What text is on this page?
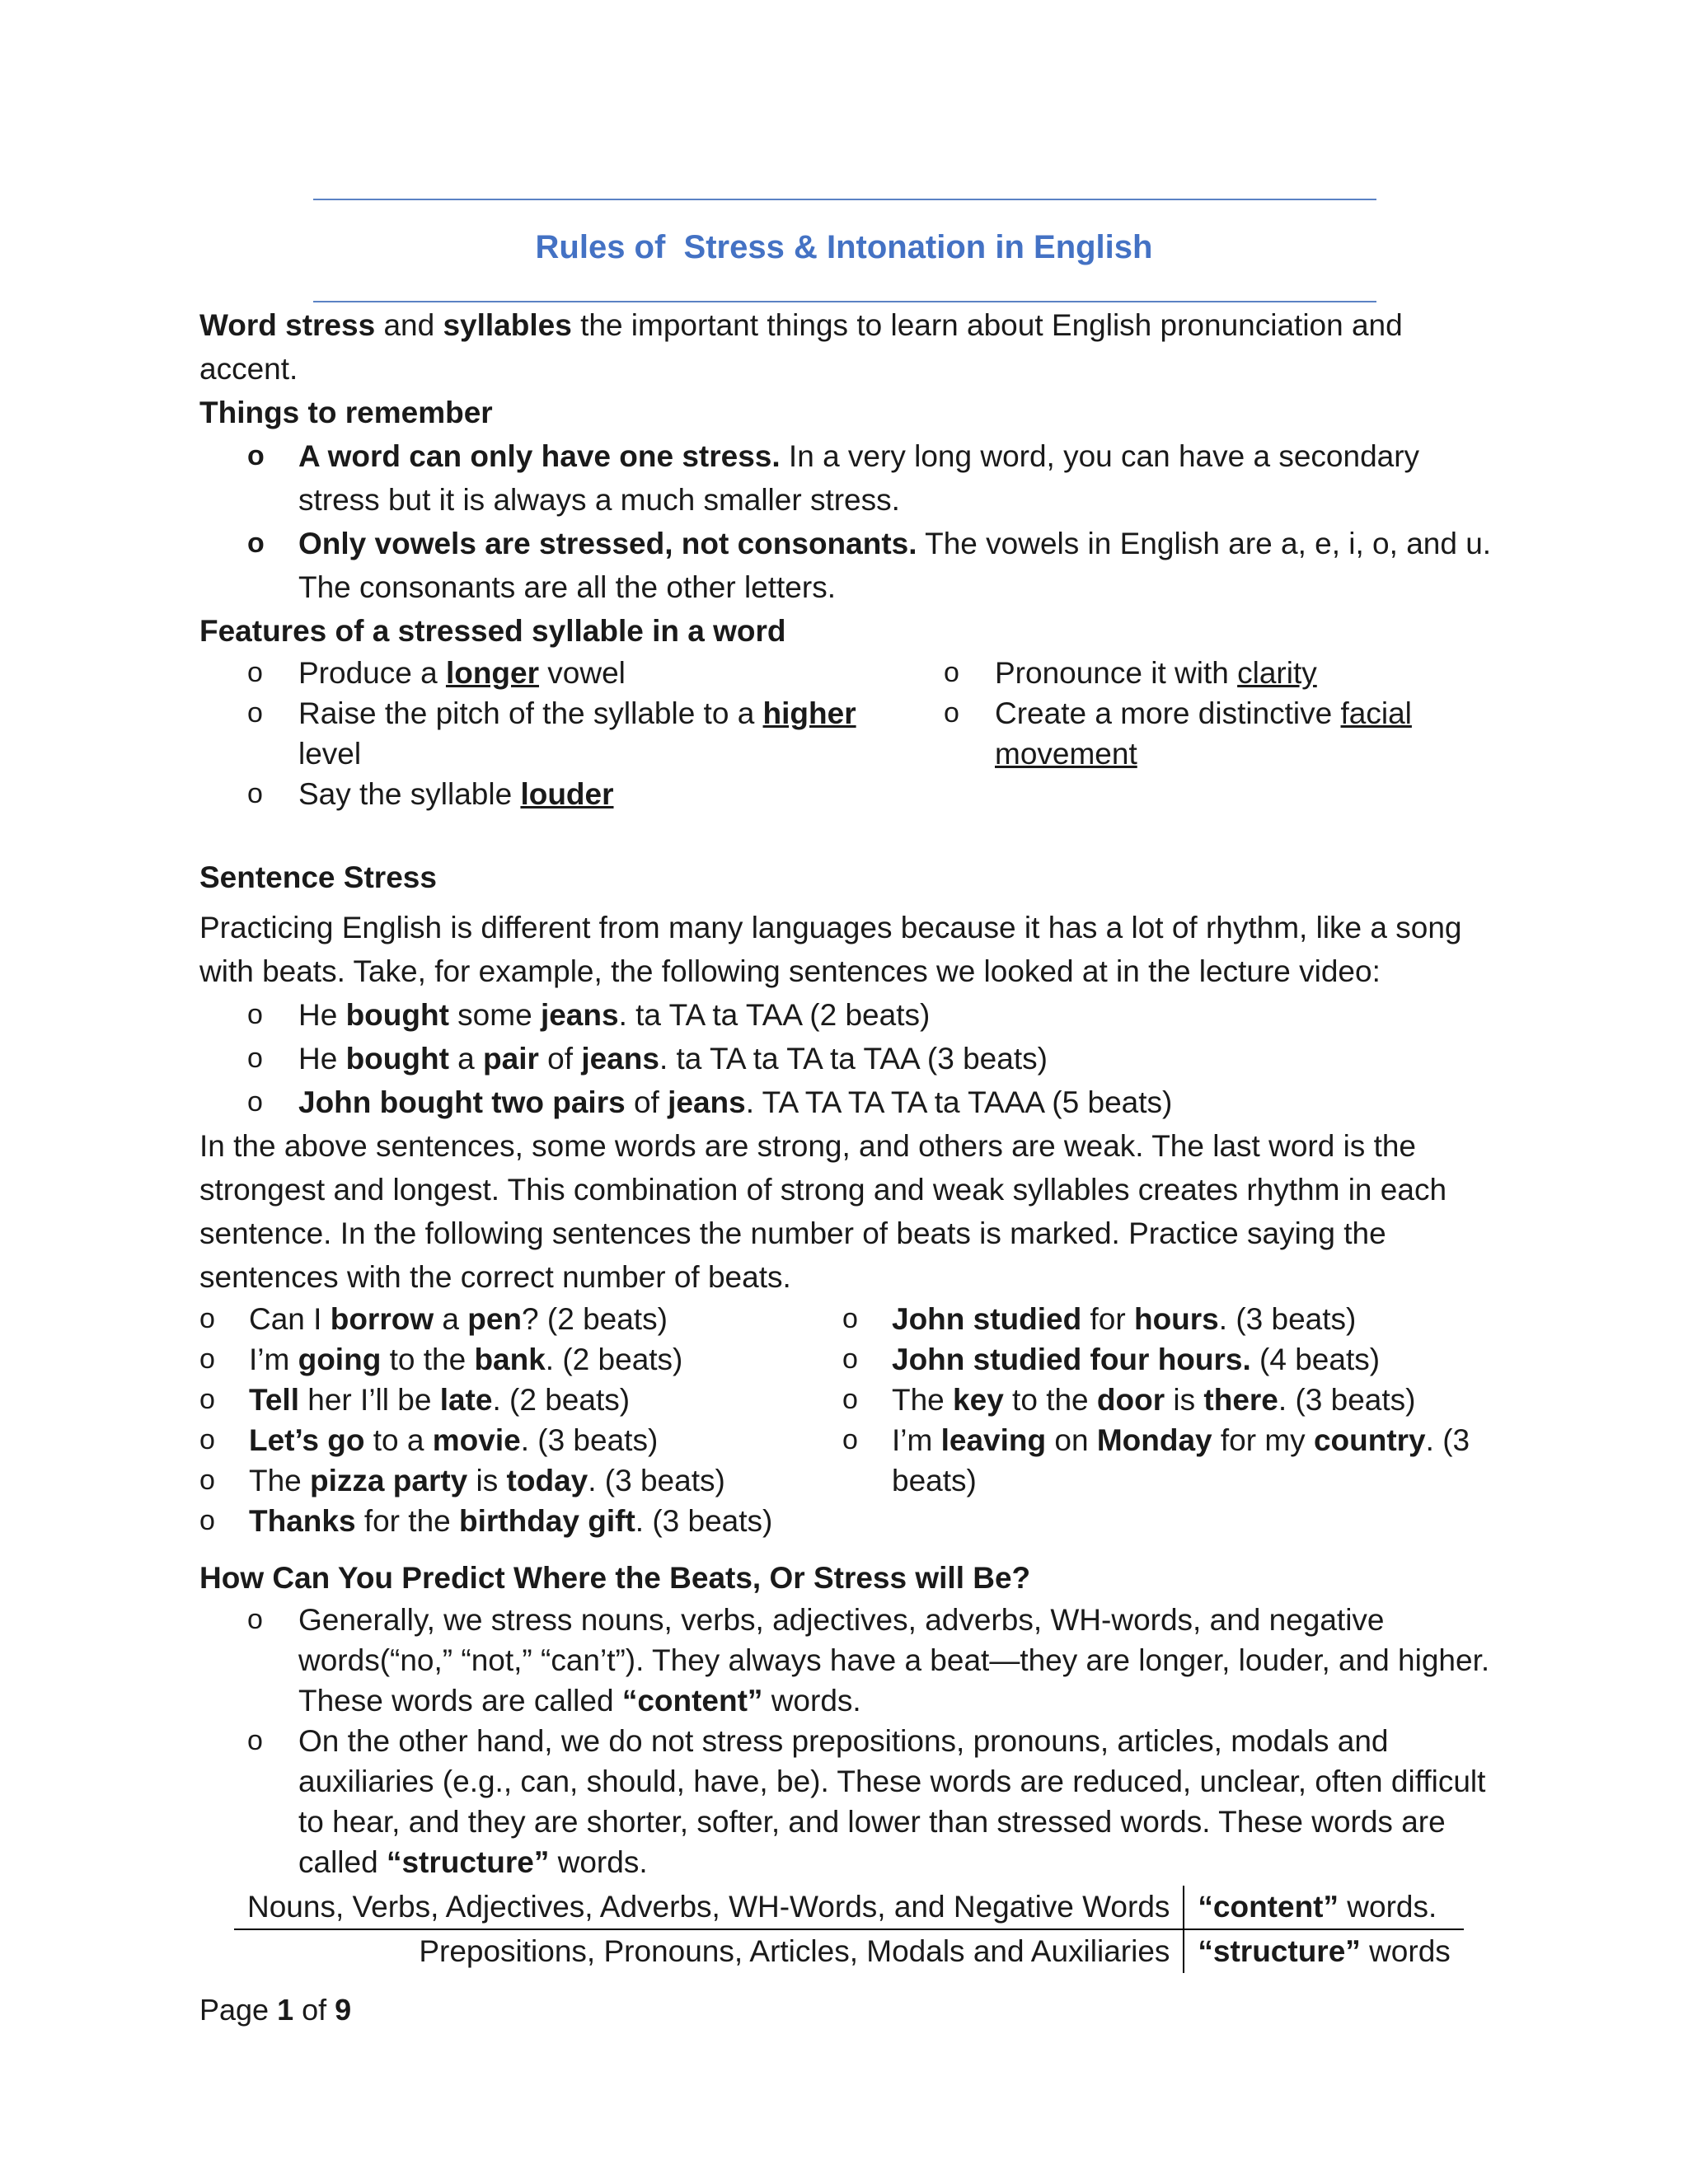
Rules of  Stress & Intonation in English

Word stress and syllables the important things to learn about English pronunciation and accent.

Things to remember

o A word can only have one stress. In a very long word, you can have a secondary stress but it is always a much smaller stress.
o Only vowels are stressed, not consonants. The vowels in English are a, e, i, o, and u. The consonants are all the other letters.

Features of a stressed syllable in a word

o Produce a longer vowel
o Raise the pitch of the syllable to a higher level
o Say the syllable louder
o Pronounce it with clarity
o Create a more distinctive facial movement

Sentence Stress

Practicing English is different from many languages because it has a lot of rhythm, like a song with beats. Take, for example, the following sentences we looked at in the lecture video:

o He bought some jeans. ta TA ta TAA (2 beats)
o He bought a pair of jeans. ta TA ta TA ta TAA (3 beats)
o John bought two pairs of jeans. TA TA TA TA ta TAAA (5 beats)

In the above sentences, some words are strong, and others are weak. The last word is the strongest and longest. This combination of strong and weak syllables creates rhythm in each sentence. In the following sentences the number of beats is marked. Practice saying the sentences with the correct number of beats.

o Can I borrow a pen? (2 beats)
o I’m going to the bank. (2 beats)
o Tell her I’ll be late. (2 beats)
o Let’s go to a movie. (3 beats)
o The pizza party is today. (3 beats)
o Thanks for the birthday gift. (3 beats)
o John studied for hours. (3 beats)
o John studied four hours. (4 beats)
o The key to the door is there. (3 beats)
o I’m leaving on Monday for my country. (3 beats)

How Can You Predict Where the Beats, Or Stress will Be?

o Generally, we stress nouns, verbs, adjectives, adverbs, WH-words, and negative words(“no,” “not,” “can’t”). They always have a beat—they are longer, louder, and higher. These words are called “content” words.
o On the other hand, we do not stress prepositions, pronouns, articles, modals and auxiliaries (e.g., can, should, have, be). These words are reduced, unclear, often difficult to hear, and they are shorter, softer, and lower than stressed words. These words are called “structure” words.
Nouns, Verbs, Adjectives, Adverbs, WH-Words, and Negative Words	“content” words.
Prepositions, Pronouns, Articles, Modals and Auxiliaries	“structure” words
Page 1 of 9
